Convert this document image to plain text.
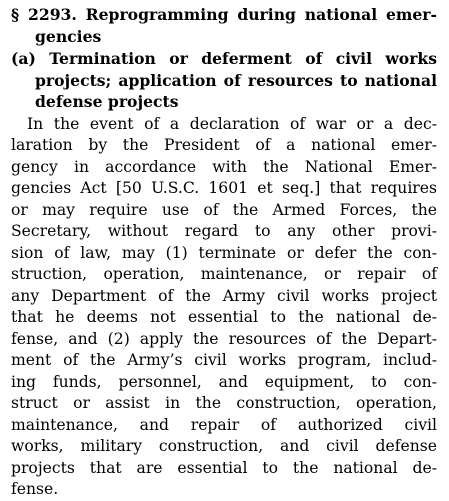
§ 2293. Reprogramming during national emer-
gencies
(a) Termination or deferment of civil works
projects; application of resources to national
defense projects
In the event of a declaration of war or a dec-
laration by the President of a national emer-
gency in accordance with the National Emer-
gencies Act [50 U.S.C. 1601 et seq.] that requires
or may require use of the Armed Forces, the
Secretary, without regard to any other provi-
sion of law, may (1) terminate or defer the con-
struction, operation, maintenance, or repair of
any Department of the Army civil works project
that he deems not essential to the national de-
fense, and (2) apply the resources of the Depart-
ment of the Army’s civil works program, includ-
ing funds, personnel, and equipment, to con-
struct or assist in the construction, operation,
maintenance, and repair of authorized civil
works, military construction, and civil defense
projects that are essential to the national de-
fense.
